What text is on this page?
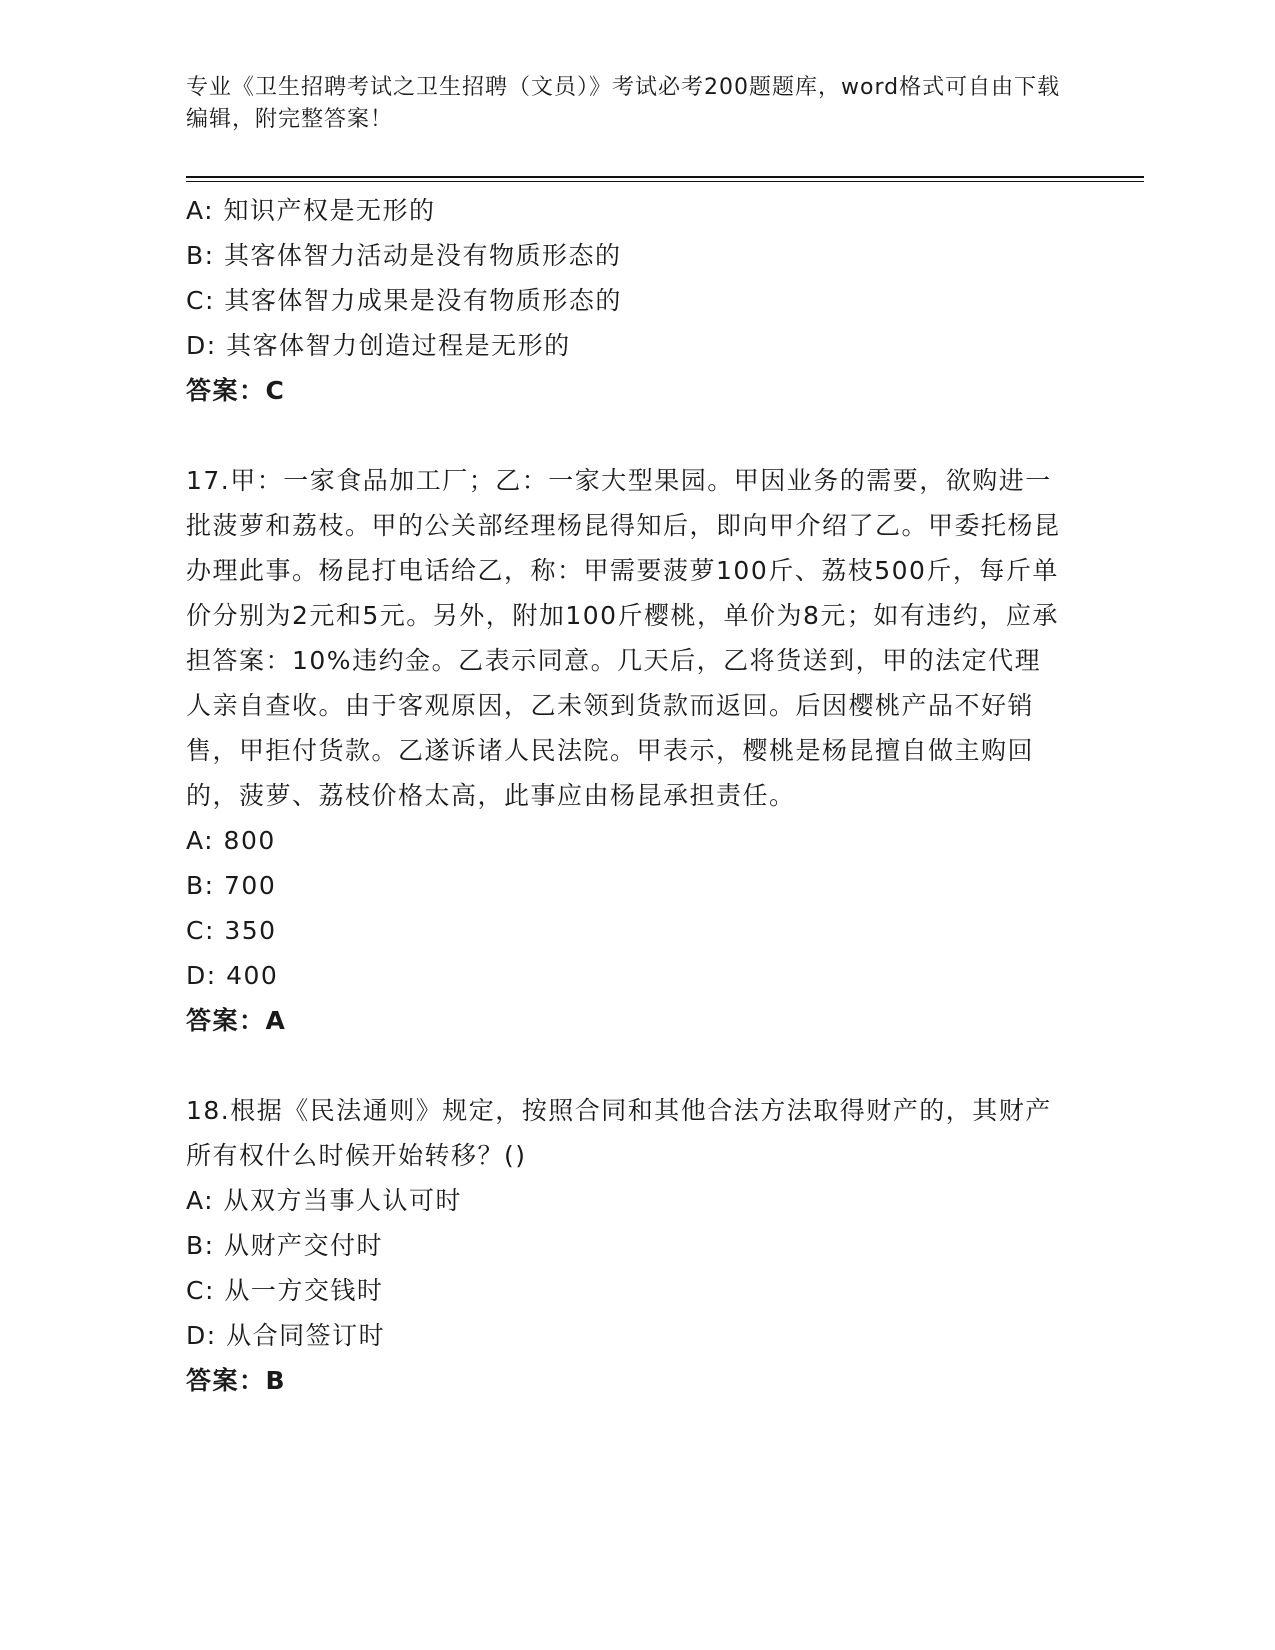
专业《卫生招聘考试之卫生招聘（文员）》考试必考200题题库，word格式可自由下载编辑，附完整答案！
A: 知识产权是无形的
B: 其客体智力活动是没有物质形态的
C: 其客体智力成果是没有物质形态的
D: 其客体智力创造过程是无形的
答案：C
17.甲：一家食品加工厂；乙：一家大型果园。甲因业务的需要，欲购进一批菠萝和荔枝。甲的公关部经理杨昆得知后，即向甲介绍了乙。甲委托杨昆办理此事。杨昆打电话给乙，称：甲需要菠萝100斤、荔枝500斤，每斤单价分别为2元和5元。另外，附加100斤樱桃，单价为8元；如有违约，应承担答案：10%违约金。乙表示同意。几天后，乙将货送到，甲的法定代理人亲自查收。由于客观原因，乙未领到货款而返回。后因樱桃产品不好销售，甲拒付货款。乙遂诉诸人民法院。甲表示，樱桃是杨昆擅自做主购回的，菠萝、荔枝价格太高，此事应由杨昆承担责任。
A: 800
B: 700
C: 350
D: 400
答案：A
18.根据《民法通则》规定，按照合同和其他合法方法取得财产的，其财产所有权什么时候开始转移？()
A: 从双方当事人认可时
B: 从财产交付时
C: 从一方交钱时
D: 从合同签订时
答案：B
